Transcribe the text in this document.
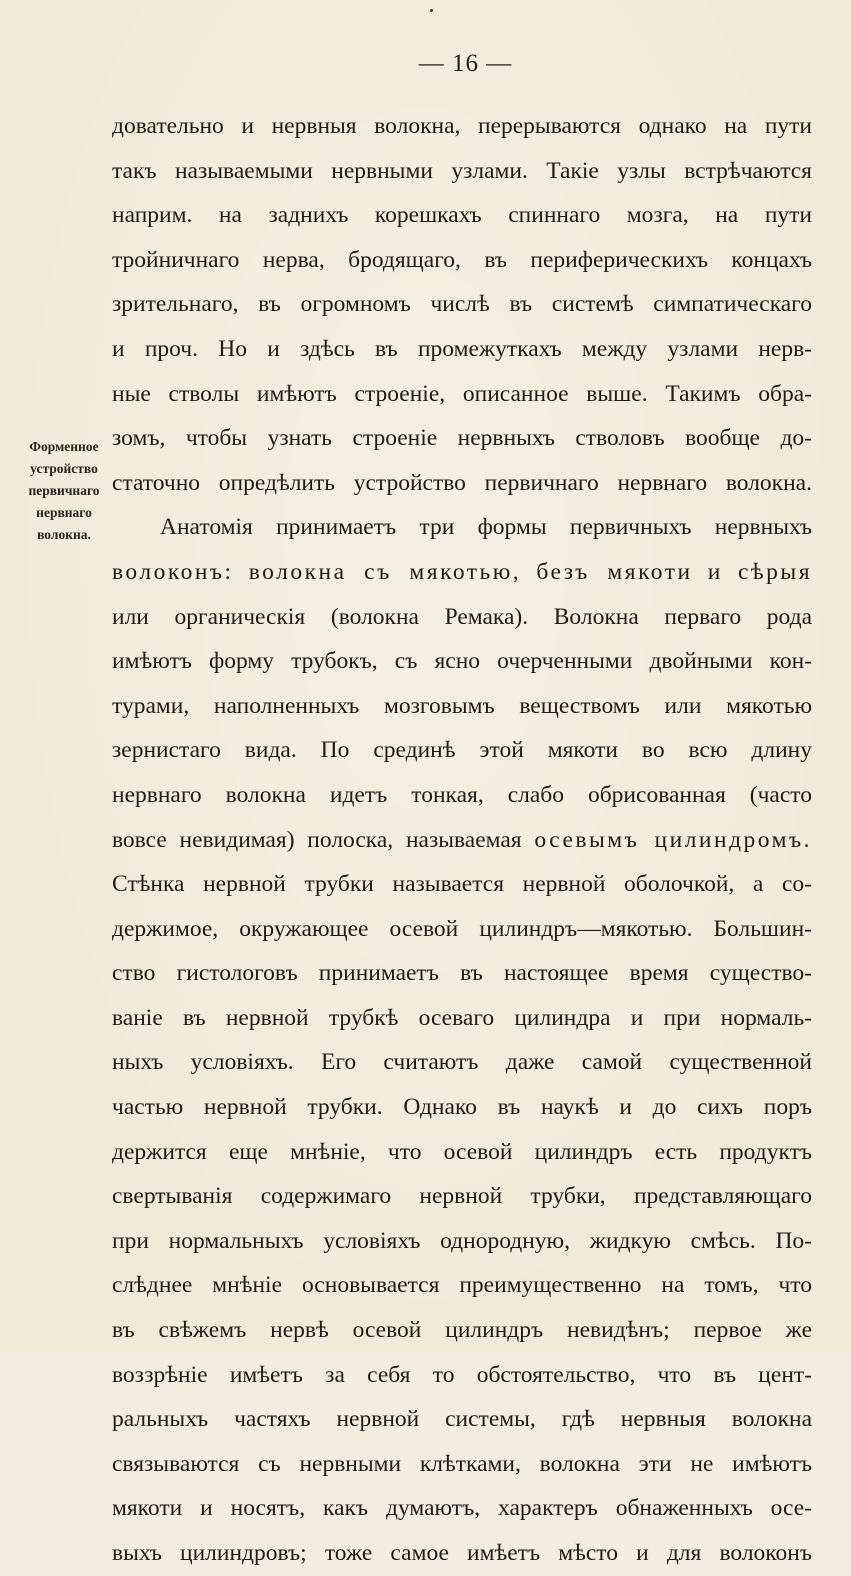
— 16 —
Форменное
устройство
первичнаго
нервнаго
волокна.
довательно и нервныя волокна, перерываются однако на пути
такъ называемыми нервными узлами. Такіе узлы встрѣчаются
наприм. на заднихъ корешкахъ спиннаго мозга, на пути
тройничнаго нерва, бродящаго, въ периферическихъ концахъ
зрительнаго, въ огромномъ числѣ въ системѣ симпатическаго
и проч. Но и здѣсь въ промежуткахъ между узлами нерв-
ные стволы имѣютъ строеніе, описанное выше. Такимъ обра-
зомъ, чтобы узнать строеніе нервныхъ стволовъ вообще до-
статочно опредѣлить устройство первичнаго нервнаго волокна.
Анатомія принимаетъ три формы первичныхъ нервныхъ
волоконъ: волокна съ мякотью, безъ мякоти и сѣрыя
или органическія (волокна Ремака). Волокна перваго рода
имѣютъ форму трубокъ, съ ясно очерченными двойными кон-
турами, наполненныхъ мозговымъ веществомъ или мякотью
зернистаго вида. По срединѣ этой мякоти во всю длину
нервнаго волокна идетъ тонкая, слабо обрисованная (часто
вовсе невидимая) полоска, называемая осевымъ цилиндромъ.
Стѣнка нервной трубки называется нервной оболочкой, а со-
держимое, окружающее осевой цилиндръ—мякотью. Большин-
ство гистологовъ принимаетъ въ настоящее время существо-
ваніе въ нервной трубкѣ осеваго цилиндра и при нормаль-
ныхъ условіяхъ. Его считаютъ даже самой существенной
частью нервной трубки. Однако въ наукѣ и до сихъ поръ
держится еще мнѣніе, что осевой цилиндръ есть продуктъ
свертыванія содержимаго нервной трубки, представляющаго
при нормальныхъ условіяхъ однородную, жидкую смѣсь. По-
слѣднее мнѣніе основывается преимущественно на томъ, что
въ свѣжемъ нервѣ осевой цилиндръ невидѣнъ; первое же
воззрѣніе имѣетъ за себя то обстоятельство, что въ цент-
ральныхъ частяхъ нервной системы, гдѣ нервныя волокна
связываются съ нервными клѣтками, волокна эти не имѣютъ
мякоти и носятъ, какъ думаютъ, характеръ обнаженныхъ осе-
выхъ цилиндровъ; тоже самое имѣетъ мѣсто и для волоконъ
